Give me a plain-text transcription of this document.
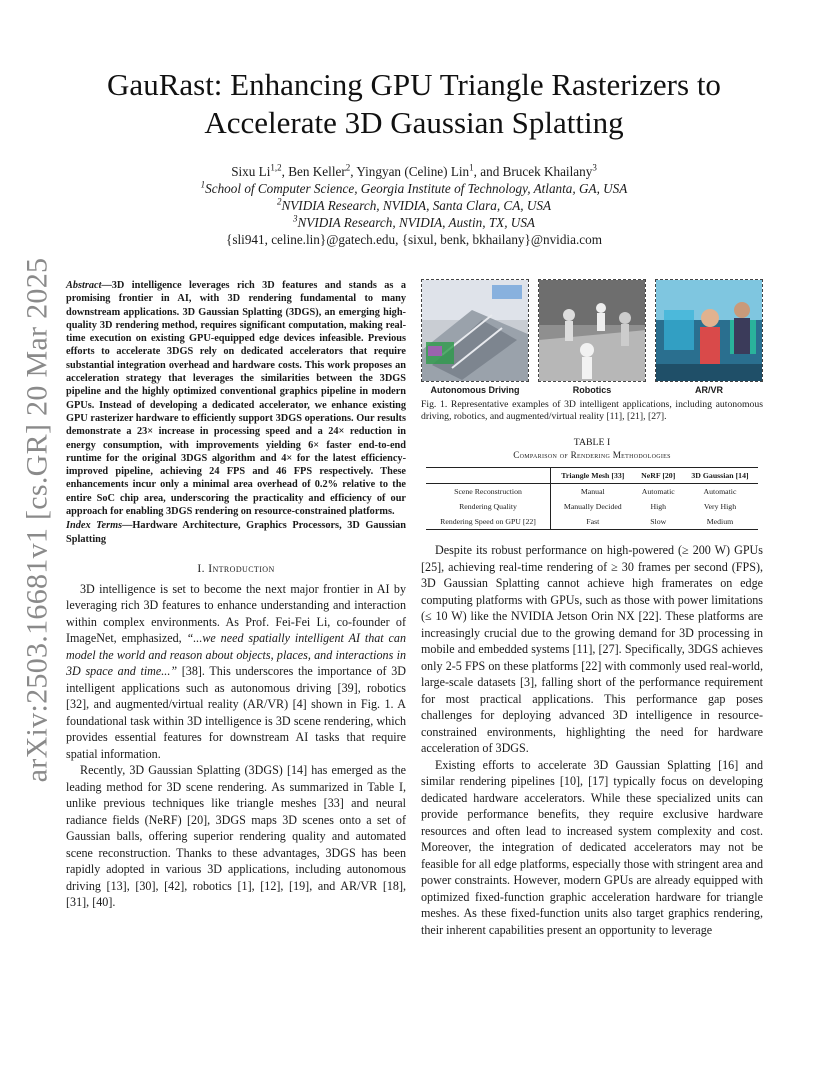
arXiv:2503.16681v1 [cs.GR] 20 Mar 2025
GauRast: Enhancing GPU Triangle Rasterizers to
Accelerate 3D Gaussian Splatting
Sixu Li$^{1,2}$, Ben Keller$^2$, Yingyan (Celine) Lin$^1$, and Brucek Khailany$^3$
$^1$School of Computer Science, Georgia Institute of Technology, Atlanta, GA, USA
$^2$NVIDIA Research, NVIDIA, Santa Clara, CA, USA
$^3$NVIDIA Research, NVIDIA, Austin, TX, USA
{sli941, celine.lin}@gatech.edu, {sixul, benk, bkhailany}@nvidia.com

Abstract—3D intelligence leverages rich 3D features and stands as a promising frontier in AI, with 3D rendering fundamental to many downstream applications. 3D Gaussian Splatting (3DGS), an emerging high-quality 3D rendering method, requires significant computation, making real-time execution on existing GPU-equipped edge devices infeasible. Previous efforts to accelerate 3DGS rely on dedicated accelerators that require substantial integration overhead and hardware costs. This work proposes an acceleration strategy that leverages the similarities between the 3DGS pipeline and the highly optimized conventional graphics pipeline in modern GPUs. Instead of developing a dedicated accelerator, we enhance existing GPU rasterizer hardware to efficiently support 3DGS operations. Our results demonstrate a 23× increase in processing speed and a 24× reduction in energy consumption, with improvements yielding 6× faster end-to-end runtime for the original 3DGS algorithm and 4× for the latest efficiency-improved pipeline, achieving 24 FPS and 46 FPS respectively. These enhancements incur only a minimal area overhead of 0.2% relative to the entire SoC chip area, underscoring the practicality and efficiency of our approach for enabling 3DGS rendering on resource-constrained platforms.

Index Terms—Hardware Architecture, Graphics Processors, 3D Gaussian Splatting

I. Introduction

3D intelligence is set to become the next major frontier in AI by leveraging rich 3D features to enhance understanding and interaction within complex environments. As Prof. Fei-Fei Li, co-founder of ImageNet, emphasized, “...we need spatially intelligent AI that can model the world and reason about objects, places, and interactions in 3D space and time...” [38]. This underscores the importance of 3D intelligent applications such as autonomous driving [39], robotics [32], and augmented/virtual reality (AR/VR) [4] shown in Fig. 1. A foundational task within 3D intelligence is 3D scene rendering, which provides essential features for downstream AI tasks that require spatial information.

Recently, 3D Gaussian Splatting (3DGS) [14] has emerged as the leading method for 3D scene rendering. As summarized in Table I, unlike previous techniques like triangle meshes [33] and neural radiance fields (NeRF) [20], 3DGS maps 3D scenes onto a set of Gaussian balls, offering superior rendering quality and automated scene reconstruction. Thanks to these advantages, 3DGS has been rapidly adopted in various 3D applications, including autonomous driving [13], [30], [42], robotics [1], [12], [19], and AR/VR [18], [31], [40].

Autonomous Driving	Robotics	AR/VR

Fig. 1. Representative examples of 3D intelligent applications, including autonomous driving, robotics, and augmented/virtual reality [11], [21], [27].

TABLE I
Comparison of Rendering Methodologies
	Triangle Mesh [33]	NeRF [20]	3D Gaussian [14]
Scene Reconstruction	Manual	Automatic	Automatic
Rendering Quality	Manually Decided	High	Very High
Rendering Speed on GPU [22]	Fast	Slow	Medium

Despite its robust performance on high-powered (≥ 200 W) GPUs [25], achieving real-time rendering of ≥ 30 frames per second (FPS), 3D Gaussian Splatting cannot achieve high framerates on edge computing platforms with GPUs, such as those with power limitations (≤ 10 W) like the NVIDIA Jetson Orin NX [22]. These platforms are increasingly crucial due to the growing demand for 3D processing in mobile and embedded systems [11], [27]. Specifically, 3DGS achieves only 2-5 FPS on these platforms [22] with commonly used real-world, large-scale datasets [3], falling short of the performance requirement for most practical applications. This performance gap poses challenges for deploying advanced 3D intelligence in resource-constrained environments, highlighting the need for hardware acceleration of 3DGS.

Existing efforts to accelerate 3D Gaussian Splatting [16] and similar rendering pipelines [10], [17] typically focus on developing dedicated hardware accelerators. While these specialized units can provide performance benefits, they require exclusive hardware resources and often lead to increased system complexity and cost. Moreover, the integration of dedicated accelerators may not be feasible for all edge platforms, especially those with stringent area and power constraints. However, modern GPUs are already equipped with optimized fixed-function graphic acceleration hardware for triangle meshes. As these fixed-function units also target graphics rendering, their inherent capabilities present an opportunity to leverage
